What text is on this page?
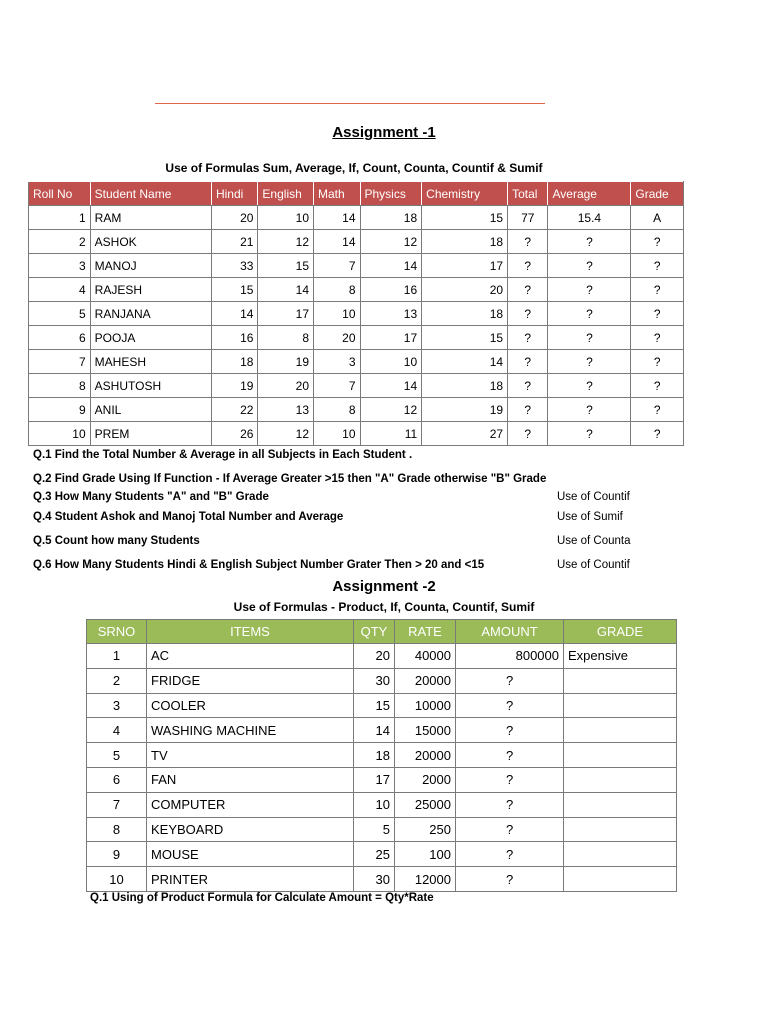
Assignment -1
Use of Formulas Sum, Average, If, Count, Counta, Countif & Sumif
Roll No	Student Name	Hindi	English	Math	Physics	Chemistry	Total	Average	Grade
1	RAM	20	10	14	18	15	77	15.4	A
2	ASHOK	21	12	14	12	18	?	?	?
3	MANOJ	33	15	7	14	17	?	?	?
4	RAJESH	15	14	8	16	20	?	?	?
5	RANJANA	14	17	10	13	18	?	?	?
6	POOJA	16	8	20	17	15	?	?	?
7	MAHESH	18	19	3	10	14	?	?	?
8	ASHUTOSH	19	20	7	14	18	?	?	?
9	ANIL	22	13	8	12	19	?	?	?
10	PREM	26	12	10	11	27	?	?	?
Q.1 Find the Total Number & Average in all Subjects in Each Student .
Q.2 Find Grade Using If Function - If Average Greater >15 then "A" Grade otherwise "B" Grade
Q.3 How Many Students "A" and "B" Grade	Use of Countif
Q.4 Student Ashok and Manoj Total Number and Average	Use of Sumif
Q.5 Count how many Students	Use of Counta
Q.6 How Many Students Hindi & English Subject Number Grater Then > 20 and <15	Use of Countif
Assignment -2
Use of Formulas - Product, If, Counta, Countif, Sumif
SRNO	ITEMS	QTY	RATE	AMOUNT	GRADE
1	AC	20	40000	800000	Expensive
2	FRIDGE	30	20000	?	
3	COOLER	15	10000	?	
4	WASHING MACHINE	14	15000	?	
5	TV	18	20000	?	
6	FAN	17	2000	?	
7	COMPUTER	10	25000	?	
8	KEYBOARD	5	250	?	
9	MOUSE	25	100	?	
10	PRINTER	30	12000	?	
Q.1 Using of Product Formula for Calculate Amount = Qty*Rate
